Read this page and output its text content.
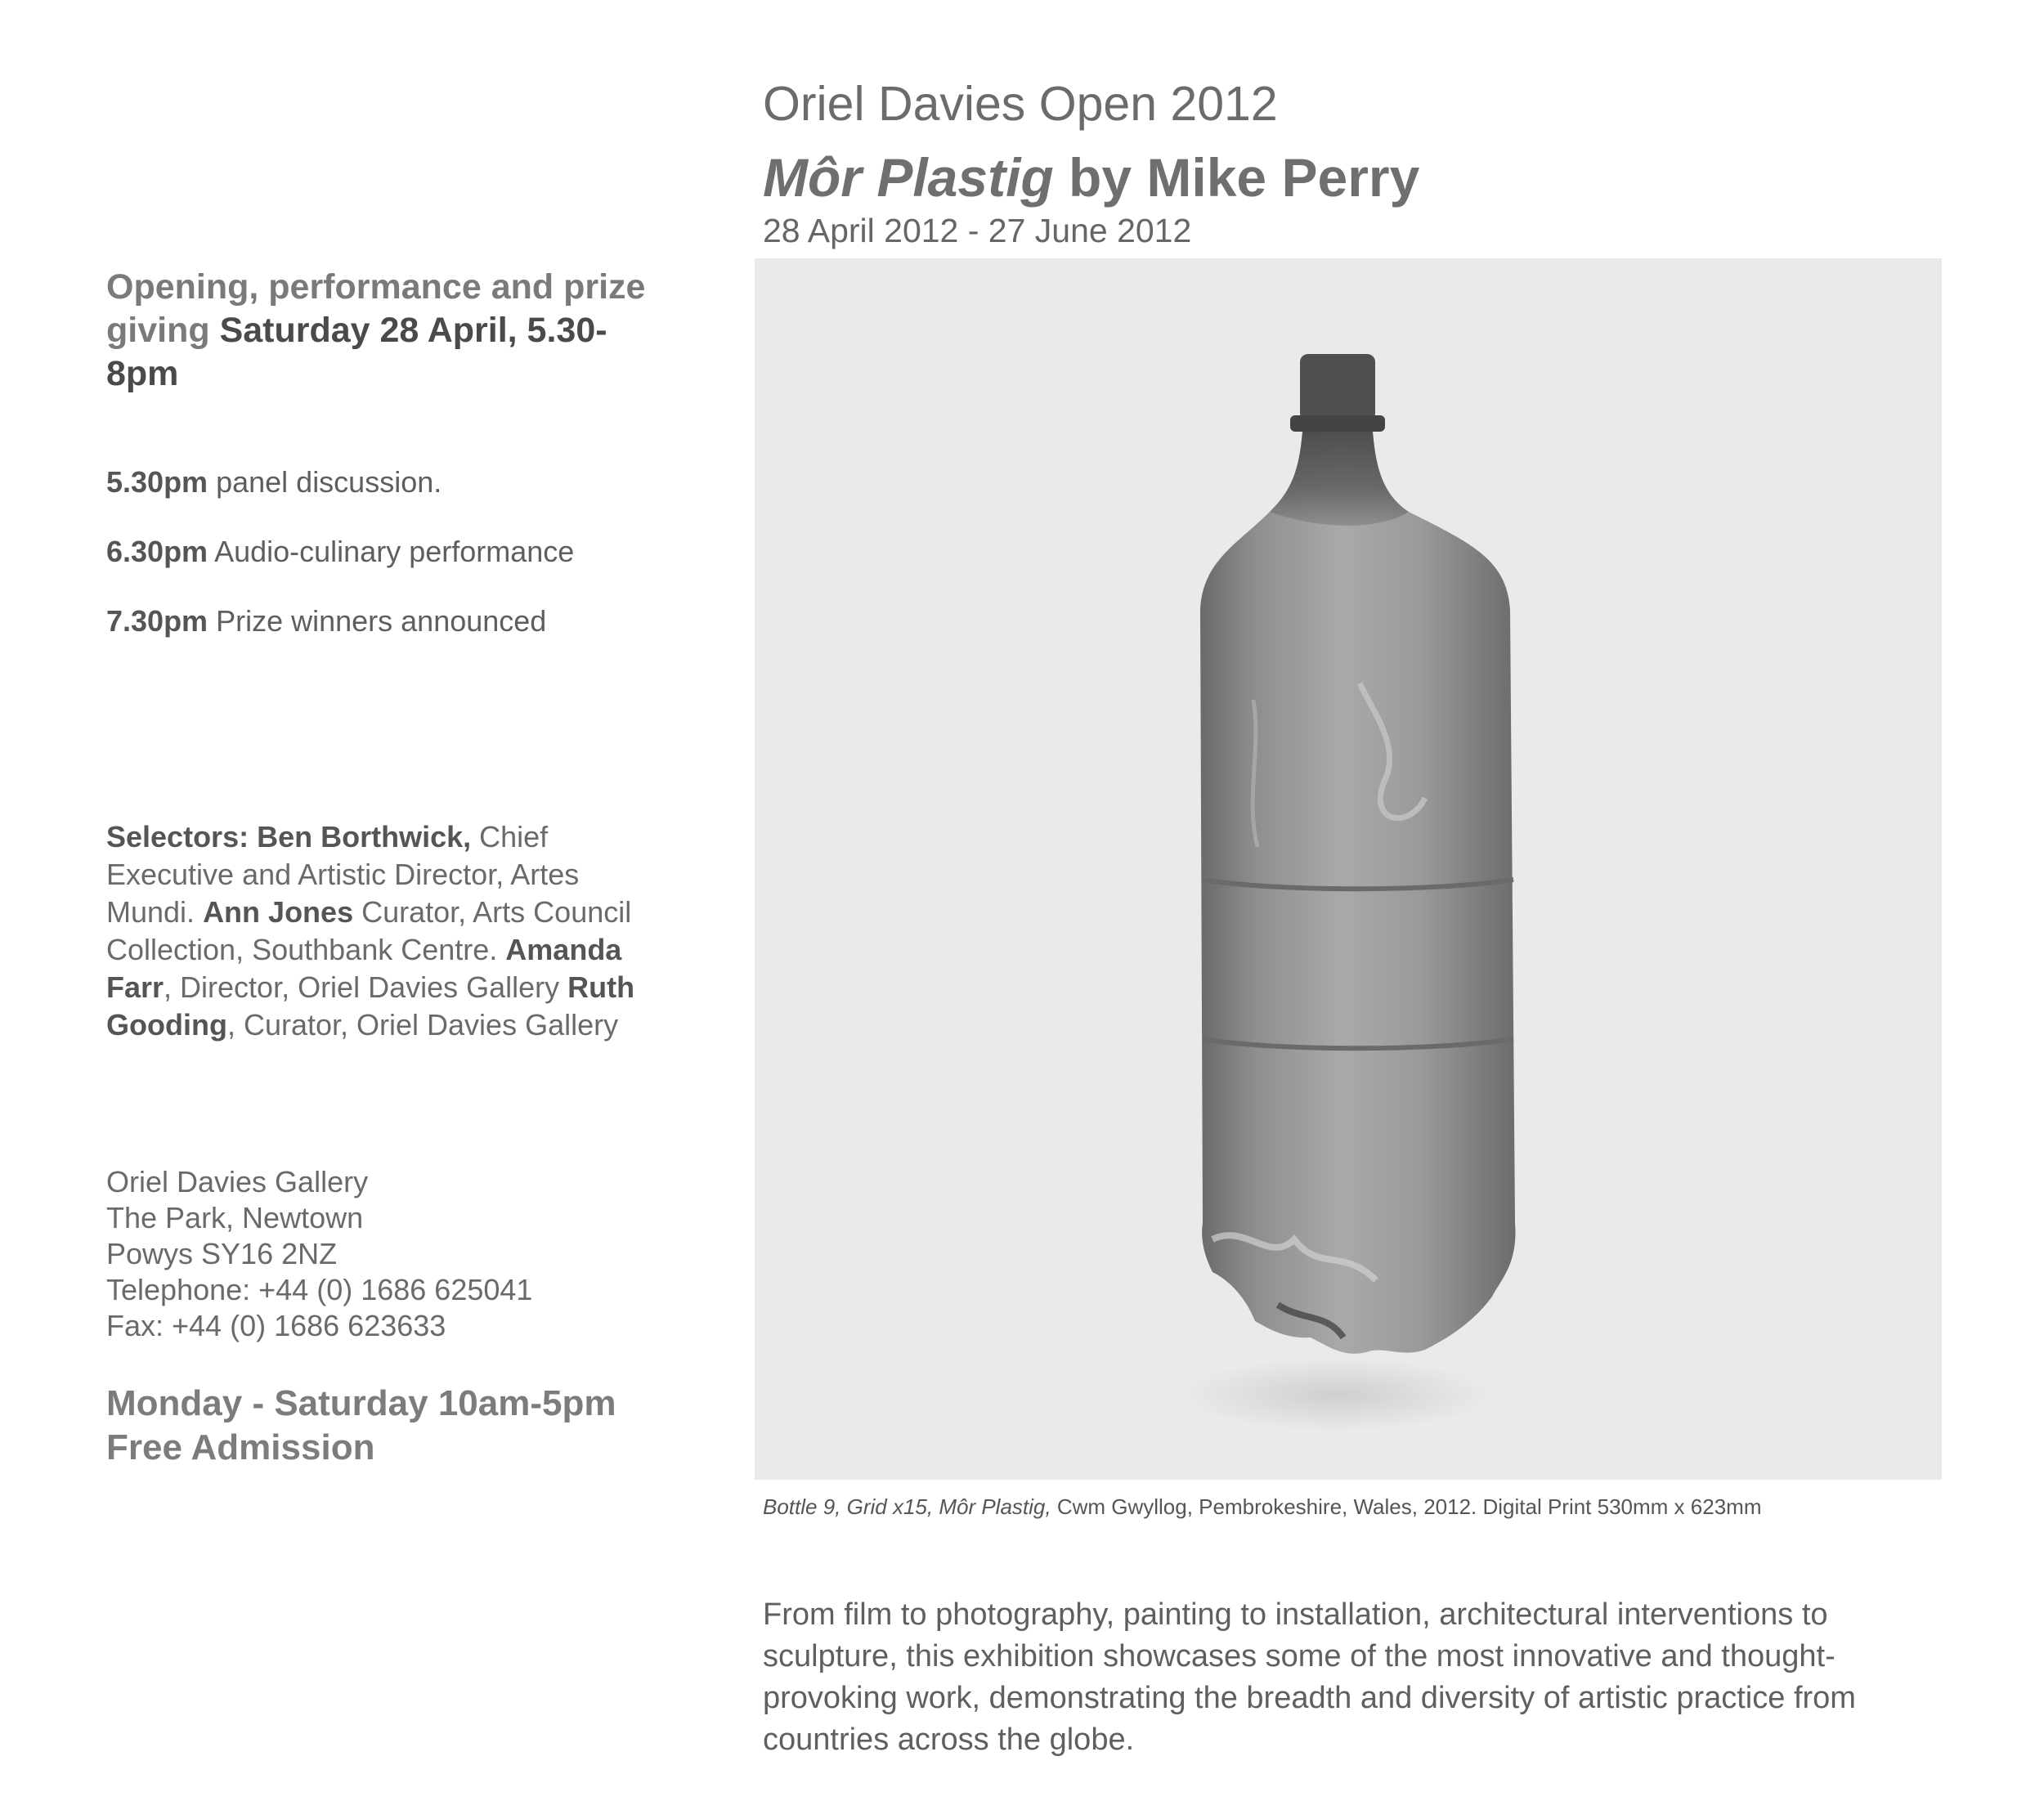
Oriel Davies Open 2012
Môr Plastig by Mike Perry
28 April 2012 - 27 June 2012
Opening, performance and prize giving Saturday 28 April, 5.30-8pm
5.30pm panel discussion.
6.30pm Audio-culinary performance
7.30pm Prize winners announced
Selectors: Ben Borthwick, Chief Executive and Artistic Director, Artes Mundi. Ann Jones Curator, Arts Council Collection, Southbank Centre. Amanda Farr, Director, Oriel Davies Gallery Ruth Gooding, Curator, Oriel Davies Gallery
Oriel Davies Gallery
The Park, Newtown
Powys SY16 2NZ
Telephone: +44 (0) 1686 625041
Fax: +44 (0) 1686 623633
Monday - Saturday 10am-5pm
Free Admission
Bottle 9, Grid x15, Môr Plastig, Cwm Gwyllog, Pembrokeshire, Wales, 2012. Digital Print 530mm x 623mm
From film to photography, painting to installation, architectural interventions to sculpture, this exhibition showcases some of the most innovative and thought-provoking work, demonstrating the breadth and diversity of artistic practice from countries across the globe.
